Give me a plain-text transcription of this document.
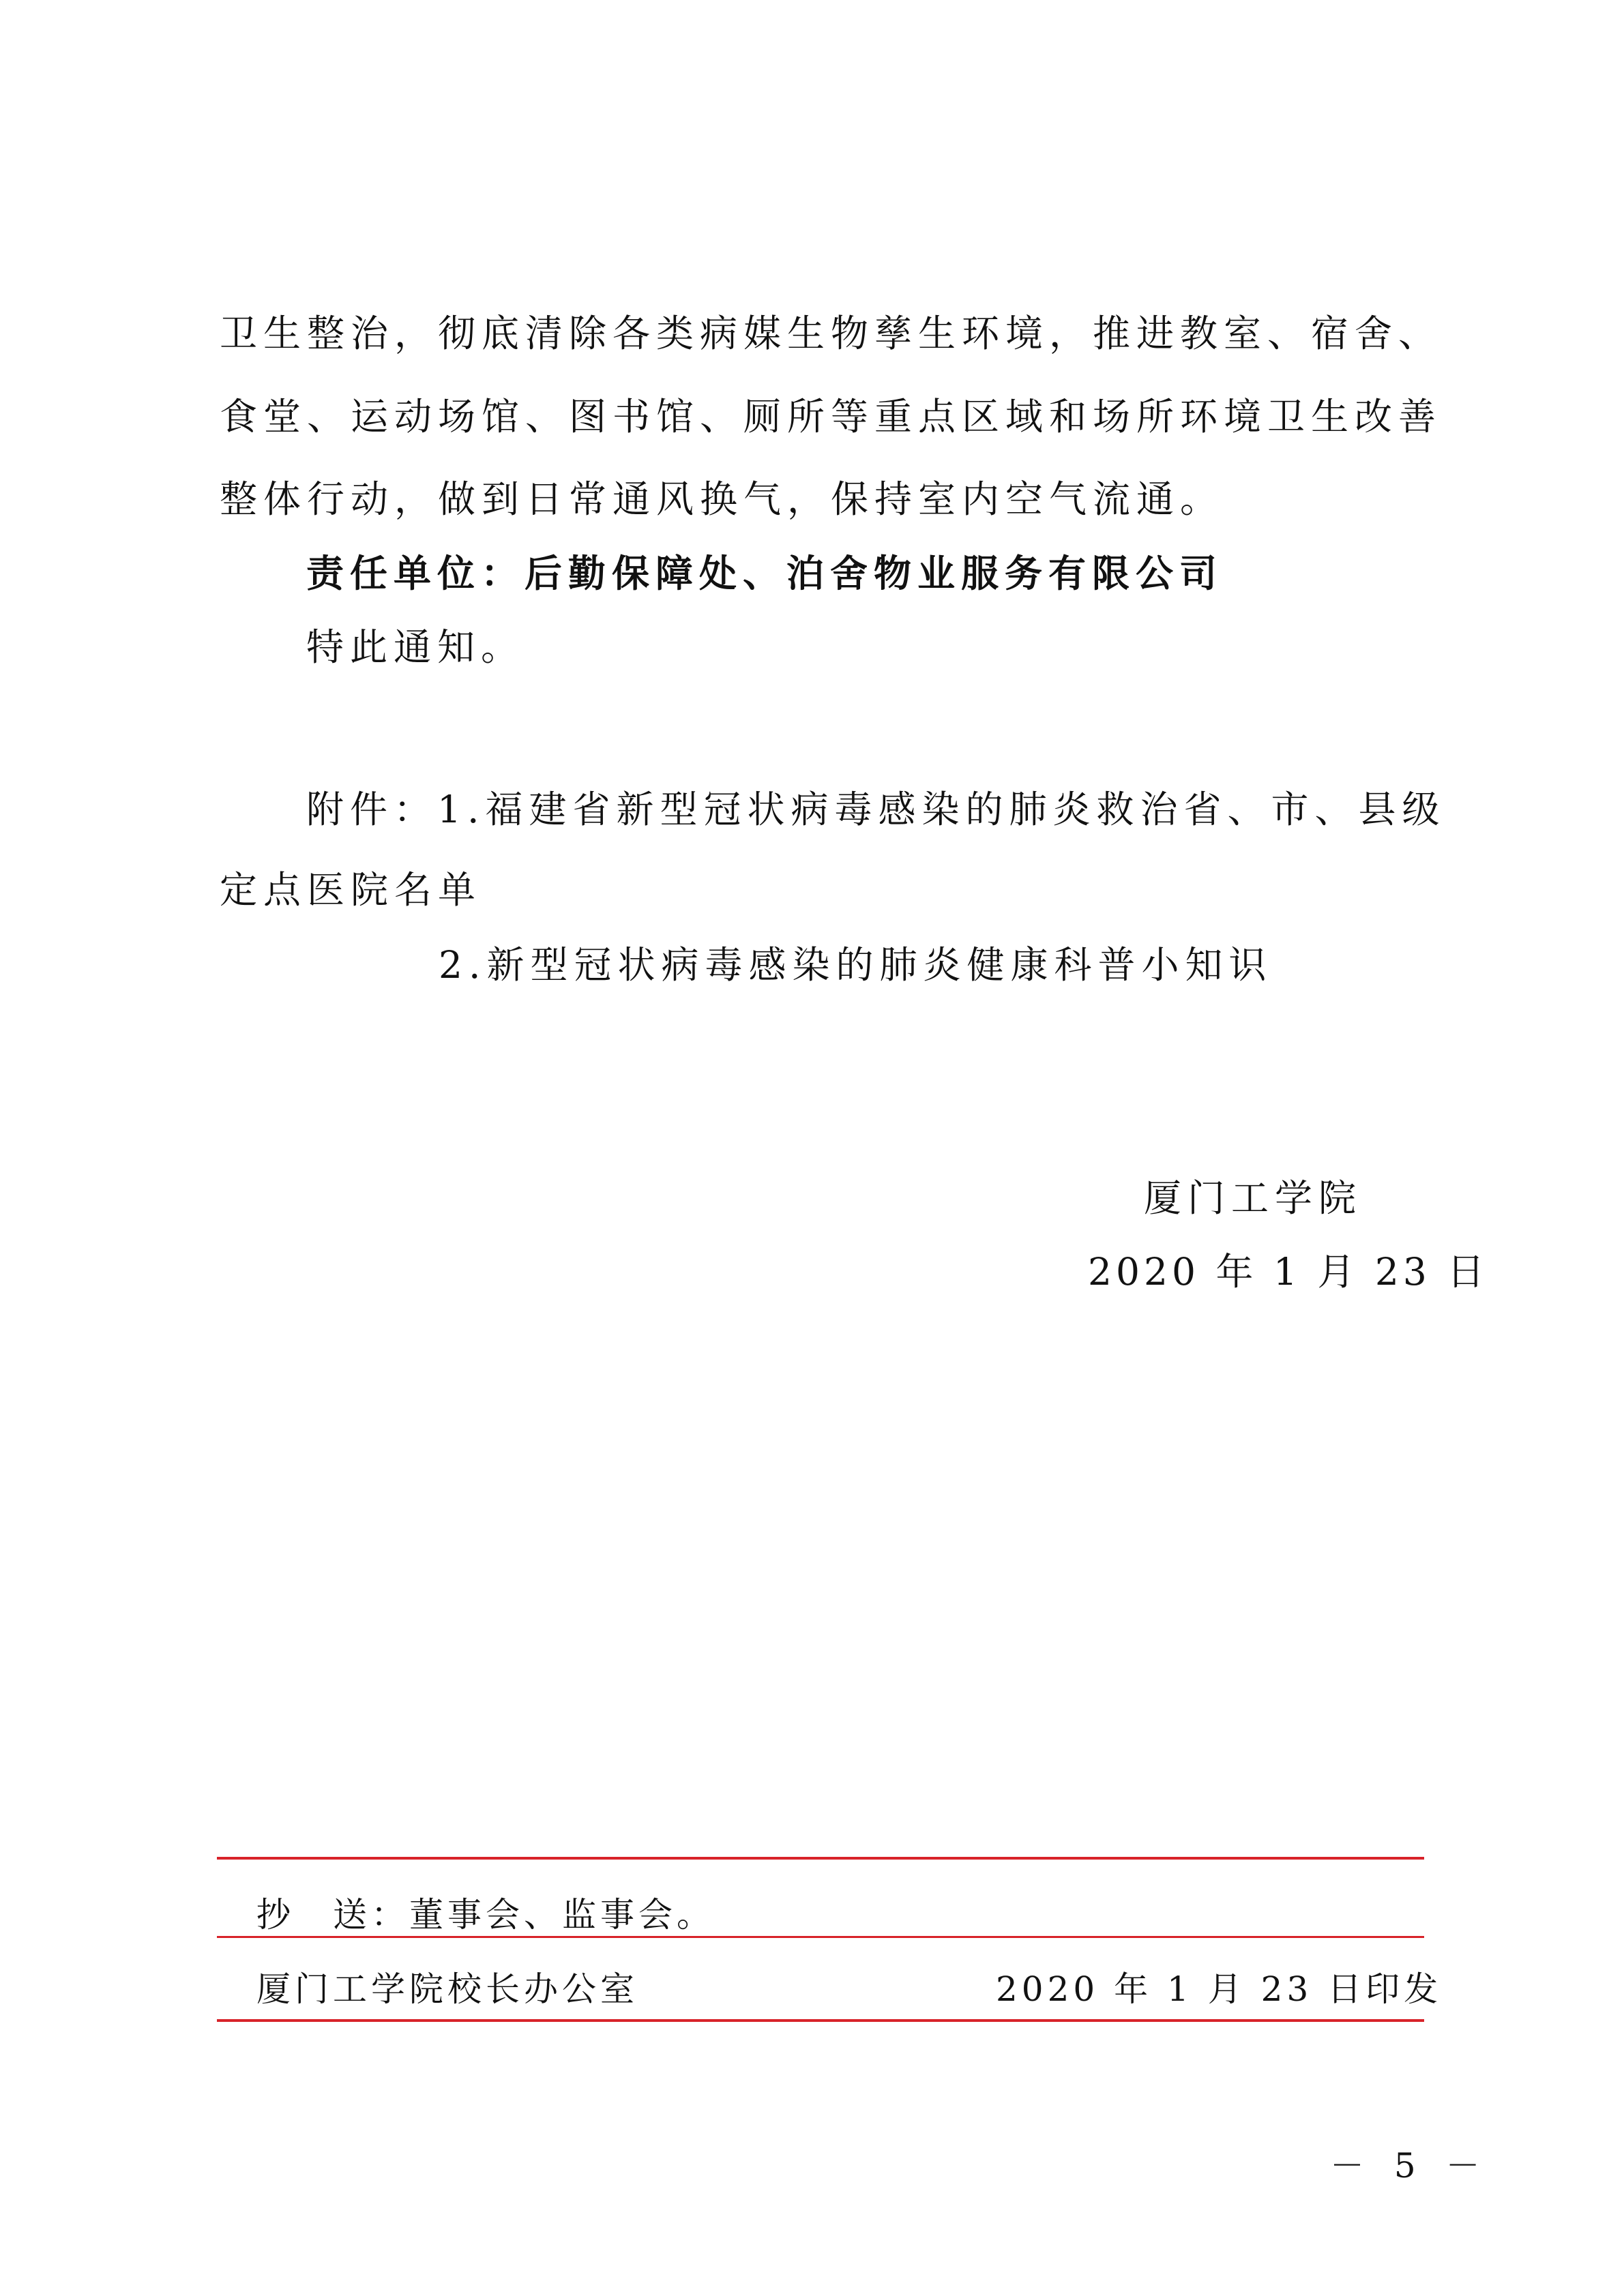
卫生整治，彻底清除各类病媒生物孳生环境，推进教室、宿舍、
食堂、运动场馆、图书馆、厕所等重点区域和场所环境卫生改善
整体行动，做到日常通风换气，保持室内空气流通。
责任单位：后勤保障处、泊舍物业服务有限公司
特此通知。
附件：1.福建省新型冠状病毒感染的肺炎救治省、市、县级
定点医院名单
2.新型冠状病毒感染的肺炎健康科普小知识
厦门工学院
2020 年 1 月 23 日
抄　送：董事会、监事会。
厦门工学院校长办公室	2020 年 1 月 23 日印发
－ 5 －
